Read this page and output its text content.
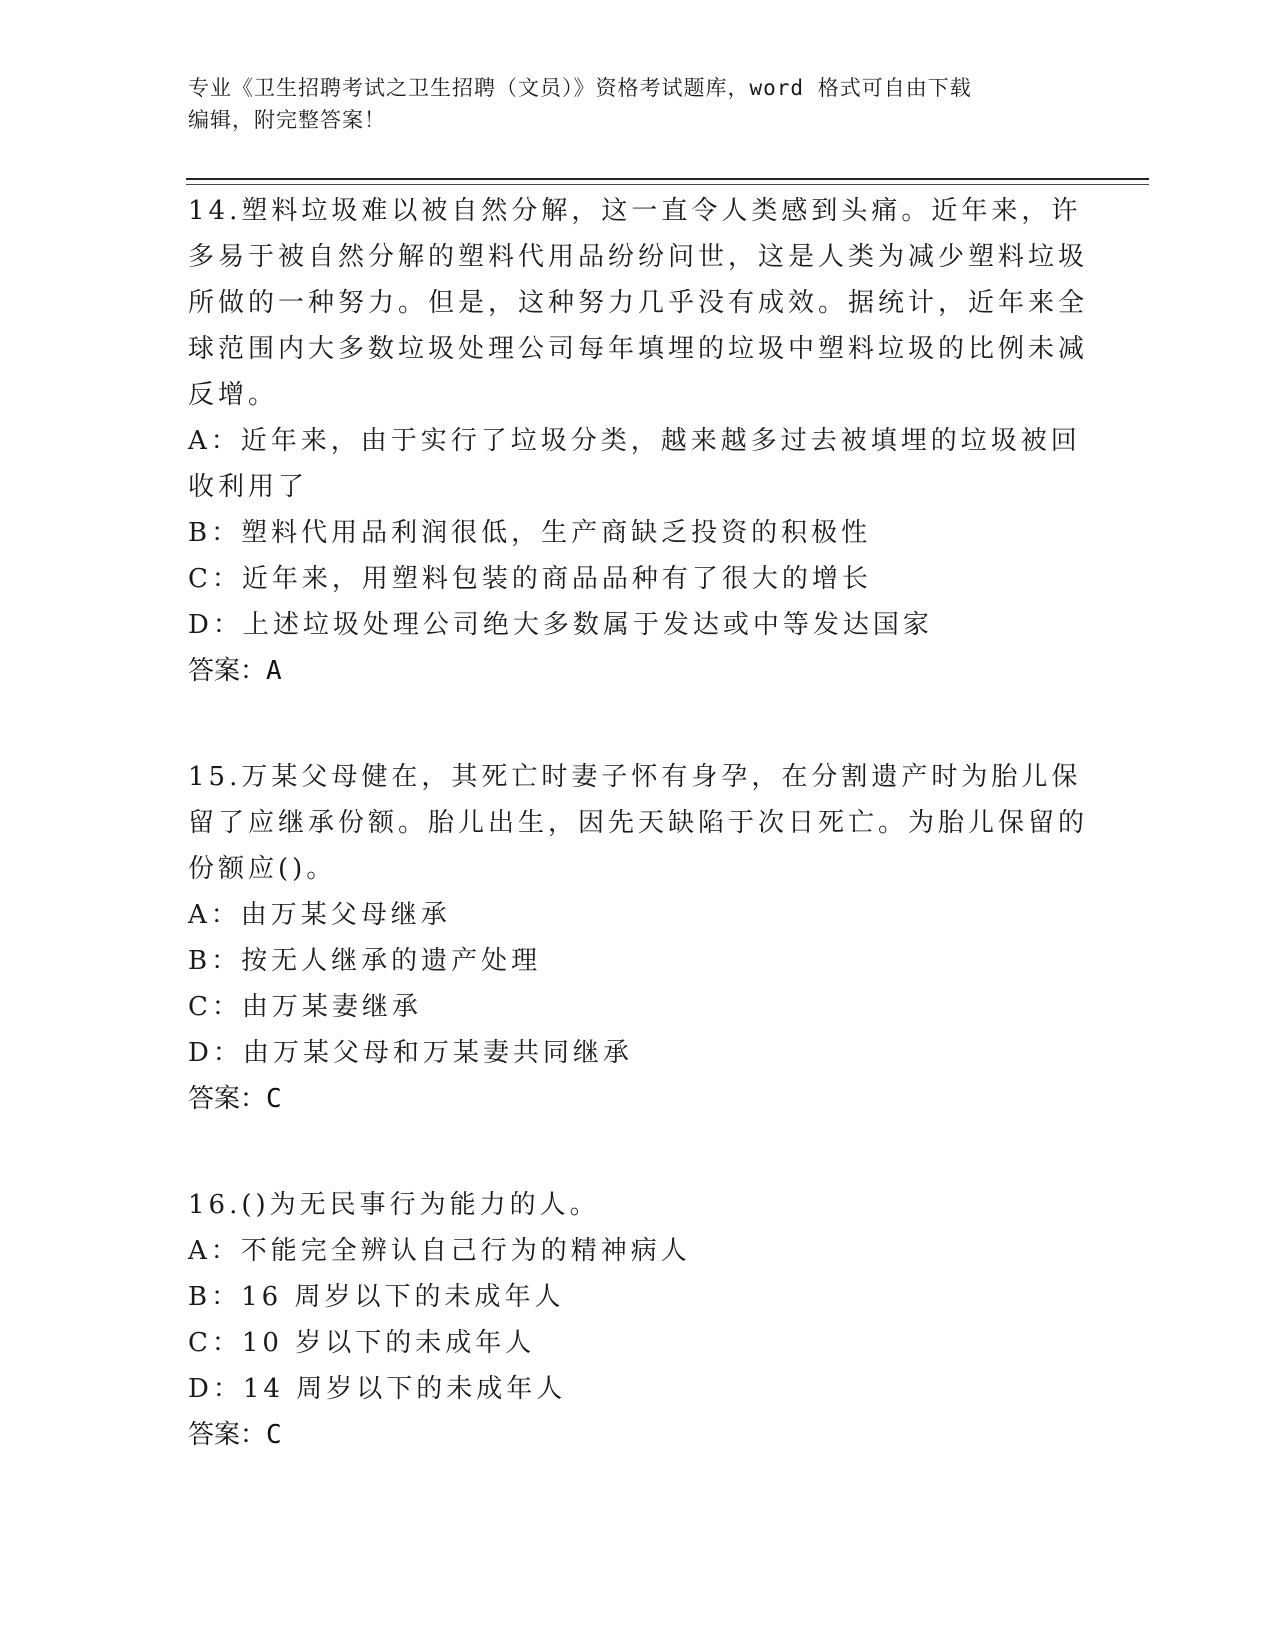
专业《卫生招聘考试之卫生招聘（文员）》资格考试题库，word 格式可自由下载
编辑，附完整答案！

14.塑料垃圾难以被自然分解，这一直令人类感到头痛。近年来，许多易于被自然分解的塑料代用品纷纷问世，这是人类为减少塑料垃圾所做的一种努力。但是，这种努力几乎没有成效。据统计，近年来全球范围内大多数垃圾处理公司每年填埋的垃圾中塑料垃圾的比例未减反增。

A：近年来，由于实行了垃圾分类，越来越多过去被填埋的垃圾被回收利用了

B：塑料代用品利润很低，生产商缺乏投资的积极性

C：近年来，用塑料包装的商品品种有了很大的增长

D：上述垃圾处理公司绝大多数属于发达或中等发达国家

答案：A

15.万某父母健在，其死亡时妻子怀有身孕，在分割遗产时为胎儿保留了应继承份额。胎儿出生，因先天缺陷于次日死亡。为胎儿保留的份额应()。

A：由万某父母继承

B：按无人继承的遗产处理

C：由万某妻继承

D：由万某父母和万某妻共同继承

答案：C

16.()为无民事行为能力的人。

A：不能完全辨认自己行为的精神病人

B：16 周岁以下的未成年人

C：10 岁以下的未成年人

D：14 周岁以下的未成年人

答案：C
